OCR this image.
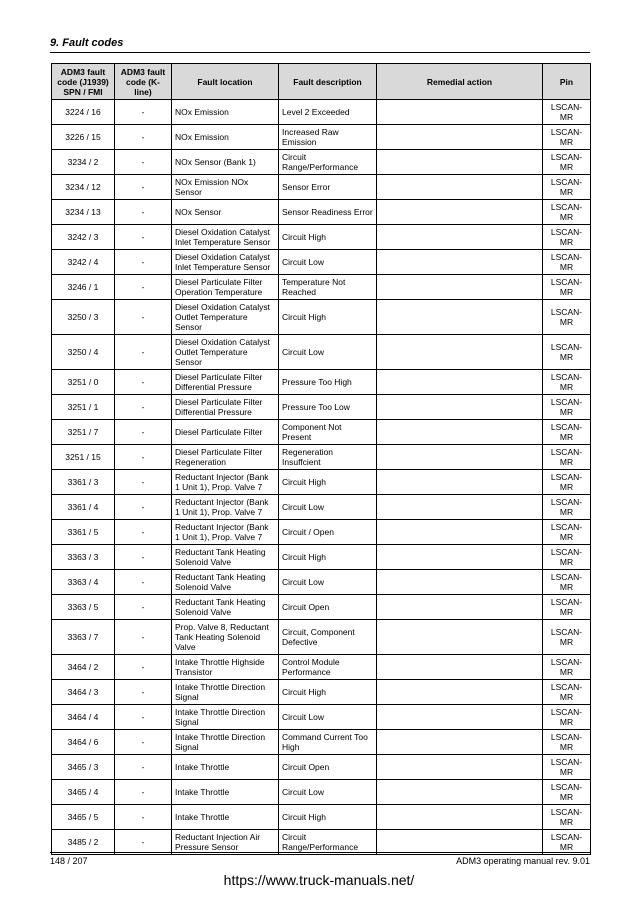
9. Fault codes
ADM3 fault code (J1939) SPN / FMI	ADM3 fault code (K-line)	Fault location	Fault description	Remedial action	Pin
3224 / 16	-	NOx Emission	Level 2 Exceeded		LSCAN-MR
3226 / 15	-	NOx Emission	Increased Raw Emission		LSCAN-MR
3234 / 2	-	NOx Sensor (Bank 1)	Circuit Range/Performance		LSCAN-MR
3234 / 12	-	NOx Emission NOx Sensor	Sensor Error		LSCAN-MR
3234 / 13	-	NOx Sensor	Sensor Readiness Error		LSCAN-MR
3242 / 3	-	Diesel Oxidation Catalyst Inlet Temperature Sensor	Circuit High		LSCAN-MR
3242 / 4	-	Diesel Oxidation Catalyst Inlet Temperature Sensor	Circuit Low		LSCAN-MR
3246 / 1	-	Diesel Particulate Filter Operation Temperature	Temperature Not Reached		LSCAN-MR
3250 / 3	-	Diesel Oxidation Catalyst Outlet Temperature Sensor	Circuit High		LSCAN-MR
3250 / 4	-	Diesel Oxidation Catalyst Outlet Temperature Sensor	Circuit Low		LSCAN-MR
3251 / 0	-	Diesel Particulate Filter Differential Pressure	Pressure Too High		LSCAN-MR
3251 / 1	-	Diesel Particulate Filter Differential Pressure	Pressure Too Low		LSCAN-MR
3251 / 7	-	Diesel Particulate Filter	Component Not Present		LSCAN-MR
3251 / 15	-	Diesel Particulate Filter Regeneration	Regeneration Insuffcient		LSCAN-MR
3361 / 3	-	Reductant Injector (Bank 1 Unit 1), Prop. Valve 7	Circuit High		LSCAN-MR
3361 / 4	-	Reductant Injector (Bank 1 Unit 1), Prop. Valve 7	Circuit Low		LSCAN-MR
3361 / 5	-	Reductant Injector (Bank 1 Unit 1), Prop. Valve 7	Circuit / Open		LSCAN-MR
3363 / 3	-	Reductant Tank Heating Solenoid Valve	Circuit High		LSCAN-MR
3363 / 4	-	Reductant Tank Heating Solenoid Valve	Circuit Low		LSCAN-MR
3363 / 5	-	Reductant Tank Heating Solenoid Valve	Circuit Open		LSCAN-MR
3363 / 7	-	Prop. Valve 8, Reductant Tank Heating Solenoid Valve	Circuit, Component Defective		LSCAN-MR
3464 / 2	-	Intake Throttle Highside Transistor	Control Module Performance		LSCAN-MR
3464 / 3	-	Intake Throttle Direction Signal	Circuit High		LSCAN-MR
3464 / 4	-	Intake Throttle Direction Signal	Circuit Low		LSCAN-MR
3464 / 6	-	Intake Throttle Direction Signal	Command Current Too High		LSCAN-MR
3465 / 3	-	Intake Throttle	Circuit Open		LSCAN-MR
3465 / 4	-	Intake Throttle	Circuit Low		LSCAN-MR
3465 / 5	-	Intake Throttle	Circuit High		LSCAN-MR
3485 / 2	-	Reductant Injection Air Pressure Sensor	Circuit Range/Performance		LSCAN-MR
148 / 207	ADM3 operating manual rev. 9.01
https://www.truck-manuals.net/
